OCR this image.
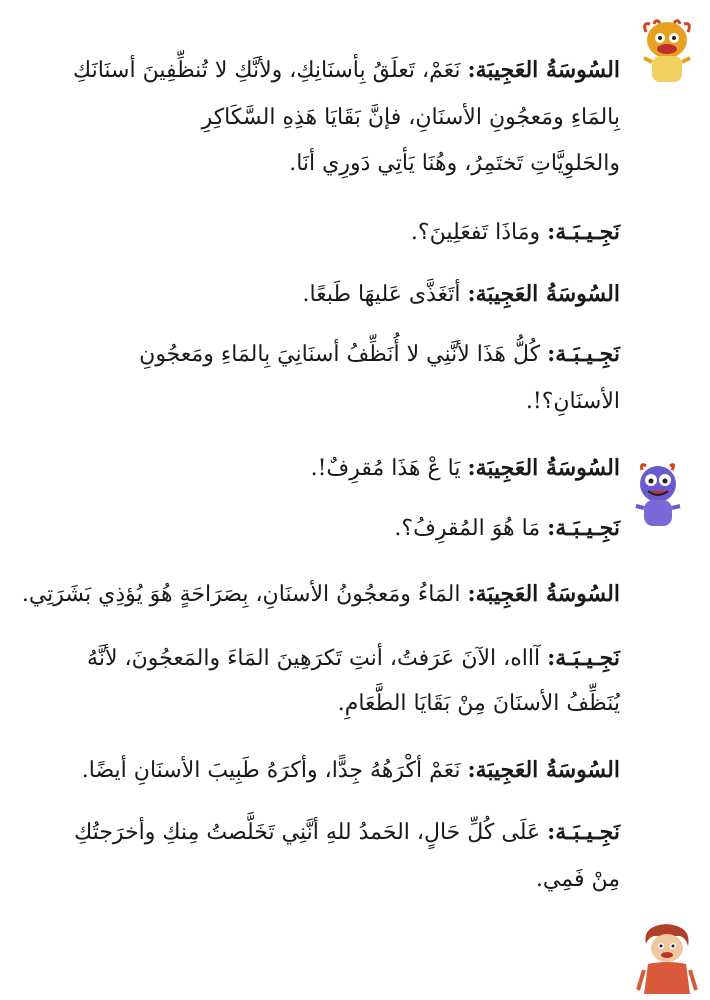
السُوسَةُ العَجِيبَة: نَعَمْ، تَعلَقُ بِأسنَانِكِ، ولأنَّكِ لا تُنظِّفِينَ أسنَانَكِ
بِالمَاءِ ومَعجُونِ الأسنَانِ، فإنَّ بَقَايَا هَذِهِ السَّكَاكِرِ
والحَلوِيَّاتِ تَختَمِرُ، وهُنَا يَأتِي دَورِي أنَا.
نَجِـيـبَـة: ومَاذَا تَفعَلِينَ؟.
السُوسَةُ العَجِيبَة: أتَغَذَّى عَليهَا طَبعًا.
نَجِـيـبَـة: كُلُّ هَذَا لأنَّنِي لا أُنَظِّفُ أسنَانِيَ بِالمَاءِ ومَعجُونِ
الأسنَانِ؟!.
السُوسَةُ العَجِيبَة: يَا عْ هَذَا مُقرِفٌ!.
نَجِـيـبَـة: مَا هُوَ المُقرِفُ؟.
السُوسَةُ العَجِيبَة: المَاءُ ومَعجُونُ الأسنَانِ، بِصَرَاحَةٍ هُوَ يُؤذِي بَشَرَتِي.
نَجِـيـبَـة: آااه، الآنَ عَرَفتُ، أنتِ تَكرَهِينَ المَاءَ والمَعجُونَ، لأنَّهُ
يُنَظِّفُ الأسنَانَ مِنْ بَقَايَا الطَّعَامِ.
السُوسَةُ العَجِيبَة: نَعَمْ أكْرَهُهُ جِدًّا، وأكرَهُ طَبِيبَ الأسنَانِ أيضًا.
نَجِـيـبَـة: عَلَى كُلِّ حَالٍ، الحَمدُ للهِ أنَّنِي تَخَلَّصتُ مِنكِ وأخرَجتُكِ
مِنْ فَمِي.
